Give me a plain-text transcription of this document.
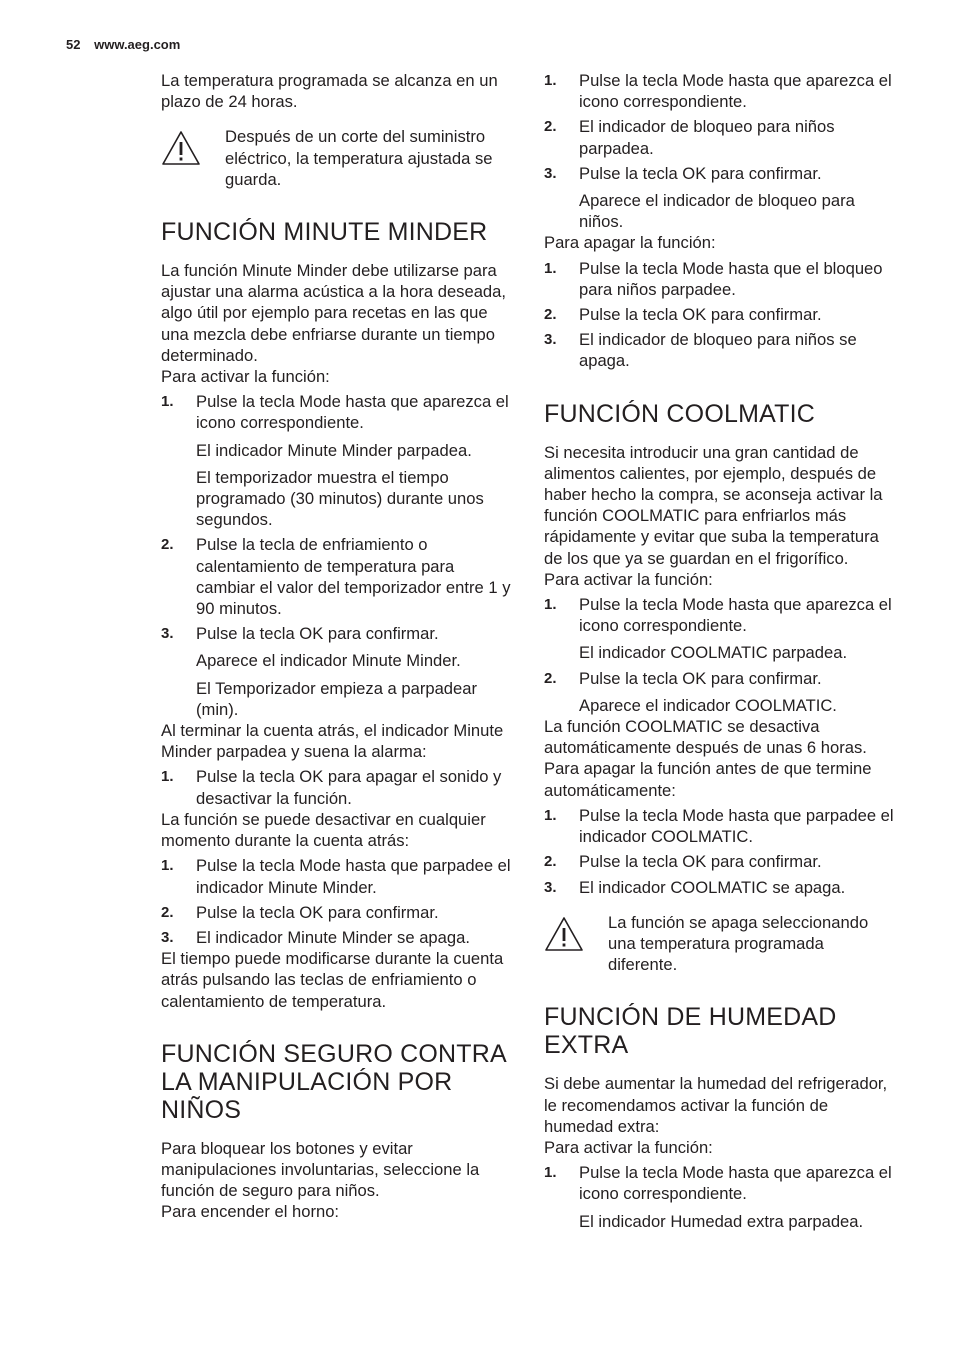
52 www.aeg.com

La temperatura programada se alcanza en un plazo de 24 horas.

Después de un corte del suministro eléctrico, la temperatura ajustada se guarda.
FUNCIÓN MINUTE MINDER

La función Minute Minder debe utilizarse para ajustar una alarma acústica a la hora deseada, algo útil por ejemplo para recetas en las que una mezcla debe enfriarse durante un tiempo determinado.

Para activar la función:

1.	Pulse la tecla Mode hasta que aparezca el icono correspondiente.

El indicador Minute Minder parpadea.

El temporizador muestra el tiempo programado (30 minutos) durante unos segundos.

2.	Pulse la tecla de enfriamiento o calentamiento de temperatura para cambiar el valor del temporizador entre 1 y 90 minutos.
3.	Pulse la tecla OK para confirmar.

Aparece el indicador Minute Minder.

El Temporizador empieza a parpadear (min).

Al terminar la cuenta atrás, el indicador Minute Minder parpadea y suena la alarma:

1.	Pulse la tecla OK para apagar el sonido y desactivar la función.

La función se puede desactivar en cualquier momento durante la cuenta atrás:

1.	Pulse la tecla Mode hasta que parpadee el indicador Minute Minder.
2.	Pulse la tecla OK para confirmar.
3.	El indicador Minute Minder se apaga.

El tiempo puede modificarse durante la cuenta atrás pulsando las teclas de enfriamiento o calentamiento de temperatura.

FUNCIÓN SEGURO CONTRA LA MANIPULACIÓN POR NIÑOS

Para bloquear los botones y evitar manipulaciones involuntarias, seleccione la función de seguro para niños.

Para encender el horno:

1.	Pulse la tecla Mode hasta que aparezca el icono correspondiente.
2.	El indicador de bloqueo para niños parpadea.
3.	Pulse la tecla OK para confirmar.

Aparece el indicador de bloqueo para niños.

Para apagar la función:

1.	Pulse la tecla Mode hasta que el bloqueo para niños parpadee.
2.	Pulse la tecla OK para confirmar.
3.	El indicador de bloqueo para niños se apaga.
FUNCIÓN COOLMATIC

Si necesita introducir una gran cantidad de alimentos calientes, por ejemplo, después de haber hecho la compra, se aconseja activar la función COOLMATIC para enfriarlos más rápidamente y evitar que suba la temperatura de los que ya se guardan en el frigorífico.

Para activar la función:

1.	Pulse la tecla Mode hasta que aparezca el icono correspondiente.

El indicador COOLMATIC parpadea.

2.	Pulse la tecla OK para confirmar.

Aparece el indicador COOLMATIC.

La función COOLMATIC se desactiva automáticamente después de unas 6 horas.

Para apagar la función antes de que termine automáticamente:

1.	Pulse la tecla Mode hasta que parpadee el indicador COOLMATIC.
2.	Pulse la tecla OK para confirmar.
3.	El indicador COOLMATIC se apaga.
La función se apaga seleccionando una temperatura programada diferente.
FUNCIÓN DE HUMEDAD EXTRA

Si debe aumentar la humedad del refrigerador, le recomendamos activar la función de humedad extra:

Para activar la función:

1.	Pulse la tecla Mode hasta que aparezca el icono correspondiente.

El indicador Humedad extra parpadea.
